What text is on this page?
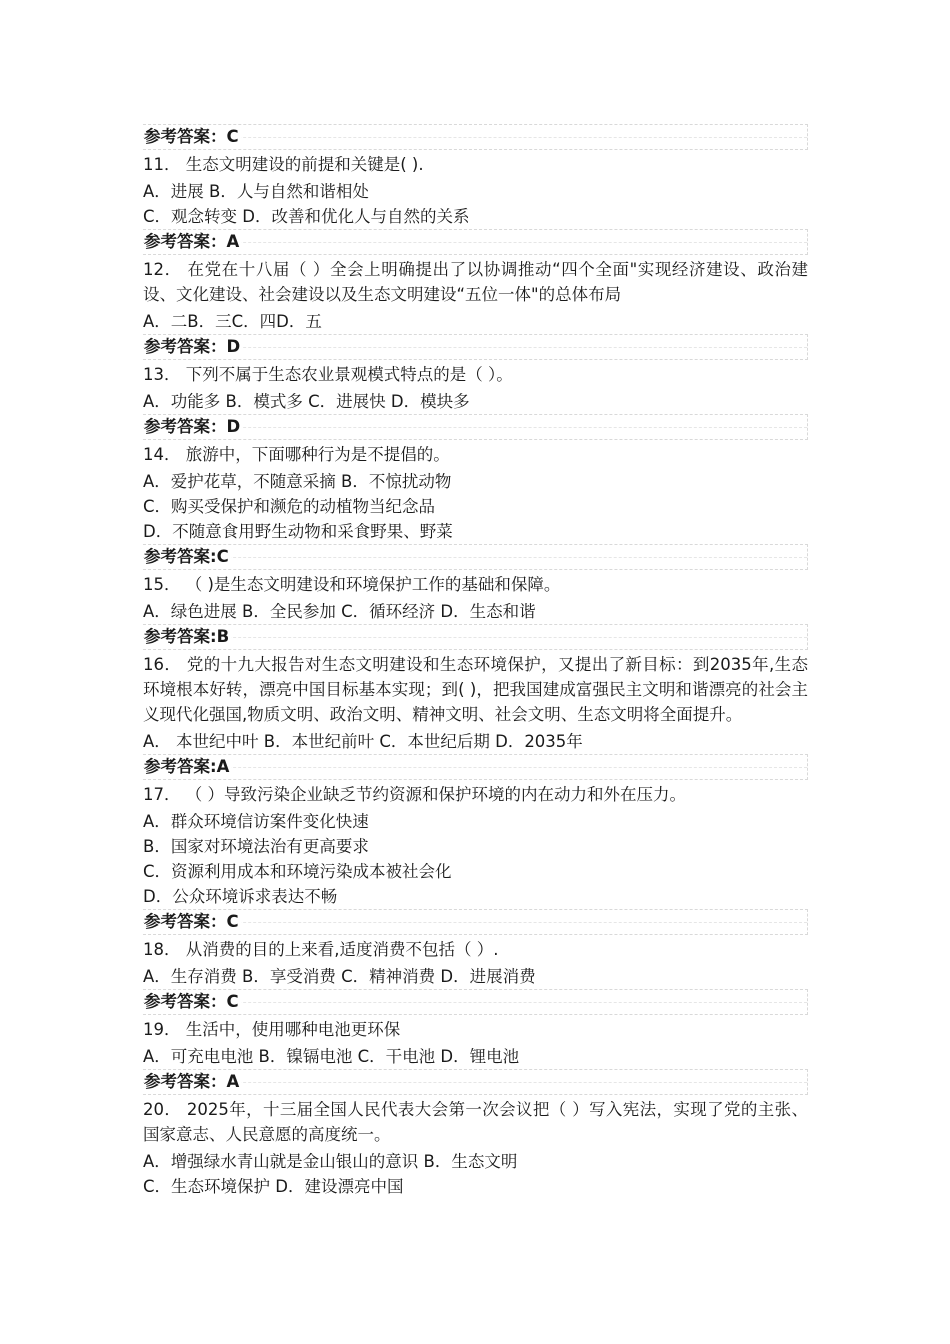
参考答案：C

11． 生态文明建设的前提和关键是( ).

A．进展 B．人与自然和谐相处

C．观念转变 D．改善和优化人与自然的关系

参考答案：A

12． 在党在十八届（ ）全会上明确提出了以协调推动“四个全面"实现经济建设、政治建设、文化建设、社会建设以及生态文明建设“五位一体"的总体布局

A．二B．三C．四D．五

参考答案：D

13． 下列不属于生态农业景观模式特点的是（ ）。

A．功能多 B．模式多 C．进展快 D．模块多

参考答案：D

14． 旅游中，下面哪种行为是不提倡的。

A．爱护花草，不随意采摘 B．不惊扰动物

C．购买受保护和濒危的动植物当纪念品

D．不随意食用野生动物和采食野果、野菜

参考答案:C

15． （ )是生态文明建设和环境保护工作的基础和保障。

A．绿色进展 B．全民参加 C．循环经济 D．生态和谐

参考答案:B

16． 党的十九大报告对生态文明建设和生态环境保护，又提出了新目标：到2035年,生态环境根本好转，漂亮中国目标基本实现；到( )，把我国建成富强民主文明和谐漂亮的社会主义现代化强国,物质文明、政治文明、精神文明、社会文明、生态文明将全面提升。

A． 本世纪中叶 B．本世纪前叶 C．本世纪后期 D．2035年

参考答案:A

17． （ ）导致污染企业缺乏节约资源和保护环境的内在动力和外在压力。

A．群众环境信访案件变化快速

B．国家对环境法治有更高要求

C．资源利用成本和环境污染成本被社会化

D．公众环境诉求表达不畅

参考答案：C

18． 从消费的目的上来看,适度消费不包括（ ）.

A．生存消费 B．享受消费 C．精神消费 D．进展消费

参考答案：C

19． 生活中，使用哪种电池更环保

A．可充电电池 B．镍镉电池 C．干电池 D．锂电池

参考答案：A

20． 2025年，十三届全国人民代表大会第一次会议把（ ）写入宪法，实现了党的主张、国家意志、人民意愿的高度统一。

A．增强绿水青山就是金山银山的意识 B．生态文明

C．生态环境保护 D．建设漂亮中国
